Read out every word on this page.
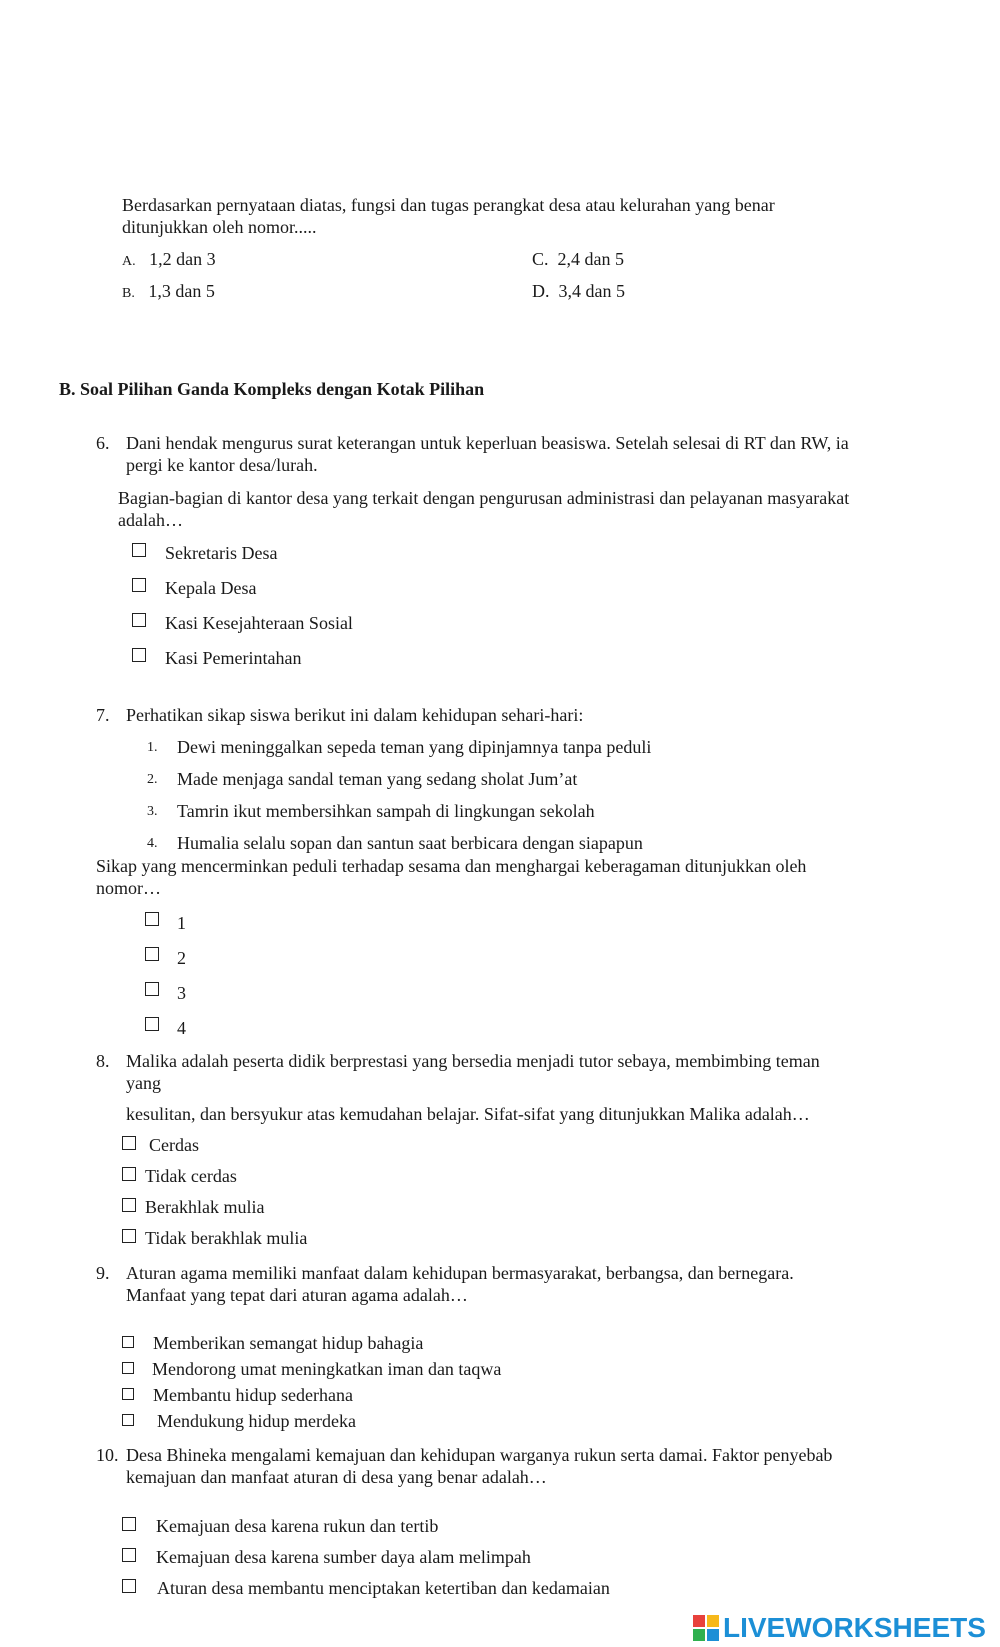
Berdasarkan pernyataan diatas, fungsi dan tugas perangkat desa atau kelurahan yang benar
ditunjukkan oleh nomor.....
A. 1,2 dan 3
B. 1,3 dan 5
C. 2,4 dan 5
D. 3,4 dan 5
B. Soal Pilihan Ganda Kompleks dengan Kotak Pilihan
6. Dani hendak mengurus surat keterangan untuk keperluan beasiswa. Setelah selesai di RT dan RW, ia
pergi ke kantor desa/lurah.
Bagian-bagian di kantor desa yang terkait dengan pengurusan administrasi dan pelayanan masyarakat
adalah…
Sekretaris Desa
Kepala Desa
Kasi Kesejahteraan Sosial
Kasi Pemerintahan
7. Perhatikan sikap siswa berikut ini dalam kehidupan sehari-hari:
1. Dewi meninggalkan sepeda teman yang dipinjamnya tanpa peduli
2. Made menjaga sandal teman yang sedang sholat Jum’at
3. Tamrin ikut membersihkan sampah di lingkungan sekolah
4. Humalia selalu sopan dan santun saat berbicara dengan siapapun
Sikap yang mencerminkan peduli terhadap sesama dan menghargai keberagaman ditunjukkan oleh
nomor…
1
2
3
4
8. Malika adalah peserta didik berprestasi yang bersedia menjadi tutor sebaya, membimbing teman
yang
kesulitan, dan bersyukur atas kemudahan belajar. Sifat-sifat yang ditunjukkan Malika adalah…
Cerdas
Tidak cerdas
Berakhlak mulia
Tidak berakhlak mulia
9. Aturan agama memiliki manfaat dalam kehidupan bermasyarakat, berbangsa, dan bernegara.
Manfaat yang tepat dari aturan agama adalah…
Memberikan semangat hidup bahagia
Mendorong umat meningkatkan iman dan taqwa
Membantu hidup sederhana
Mendukung hidup merdeka
10. Desa Bhineka mengalami kemajuan dan kehidupan warganya rukun serta damai. Faktor penyebab
kemajuan dan manfaat aturan di desa yang benar adalah…
Kemajuan desa karena rukun dan tertib
Kemajuan desa karena sumber daya alam melimpah
Aturan desa membantu menciptakan ketertiban dan kedamaian
LIVEWORKSHEETS
